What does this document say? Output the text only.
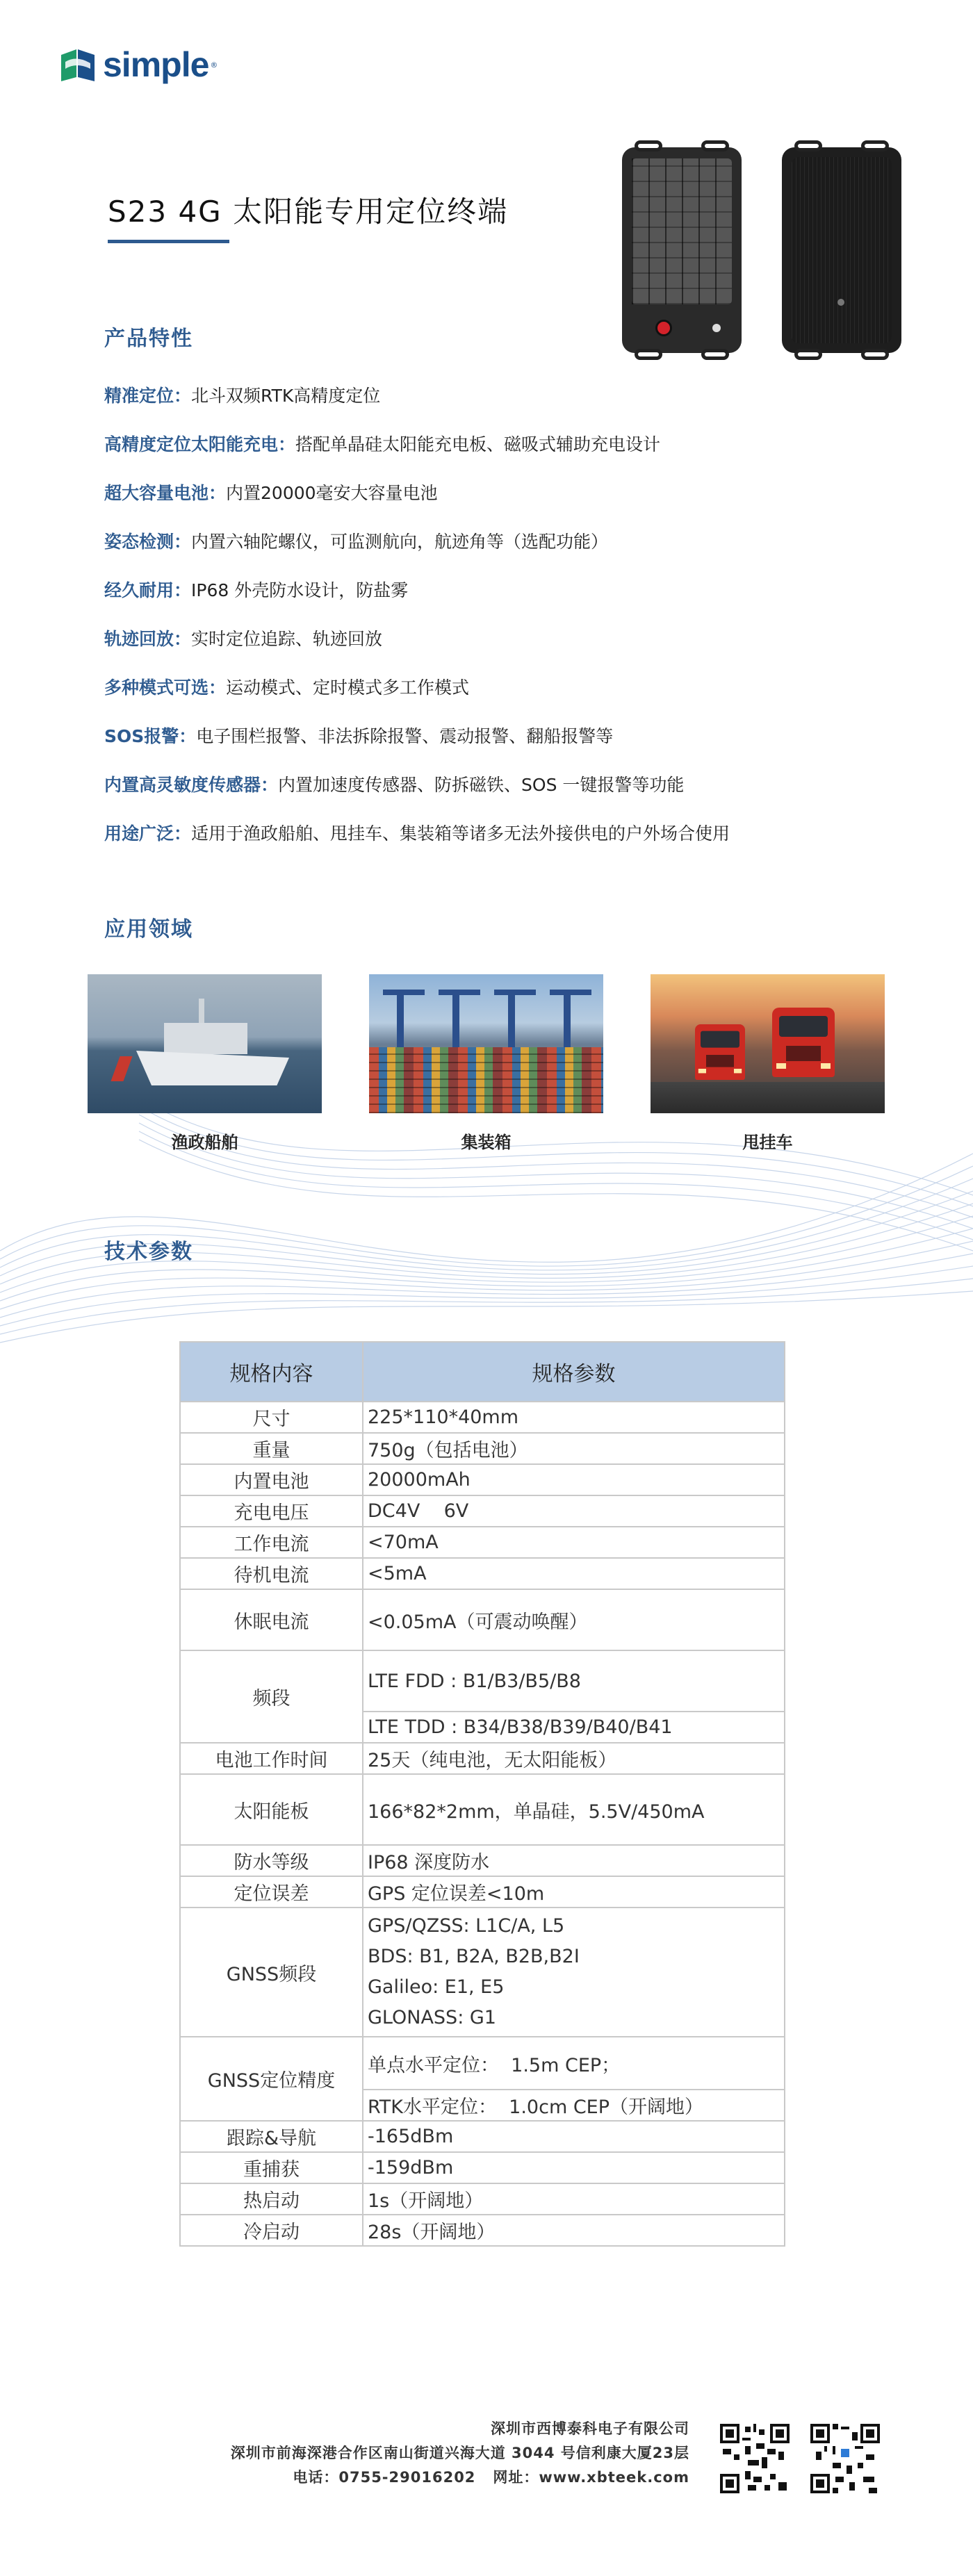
simple ®
S23 4G 太阳能专用定位终端
产品特性
精准定位：北斗双频RTK高精度定位
高精度定位太阳能充电：搭配单晶硅太阳能充电板、磁吸式辅助充电设计
超大容量电池：内置20000毫安大容量电池
姿态检测：内置六轴陀螺仪，可监测航向，航迹角等（选配功能）
经久耐用：IP68 外壳防水设计，防盐雾
轨迹回放：实时定位追踪、轨迹回放
多种模式可选：运动模式、定时模式多工作模式
SOS报警：电子围栏报警、非法拆除报警、震动报警、翻船报警等
内置高灵敏度传感器：内置加速度传感器、防拆磁铁、SOS 一键报警等功能
用途广泛：适用于渔政船舶、甩挂车、集装箱等诸多无法外接供电的户外场合使用
应用领域
渔政船舶	集装箱	甩挂车
技术参数
规格内容	规格参数
尺寸	225*110*40mm
重量	750g（包括电池）
内置电池	20000mAh
充电电压	DC4V    6V
工作电流	<70mA
待机电流	<5mA
休眠电流	<0.05mA（可震动唤醒）
频段	LTE FDD : B1/B3/B5/B8
	LTE TDD : B34/B38/B39/B40/B41
电池工作时间	25天（纯电池，无太阳能板）
太阳能板	166*82*2mm，单晶硅，5.5V/450mA
防水等级	IP68 深度防水
定位误差	GPS 定位误差<10m
GNSS频段	GPS/QZSS: L1C/A, L5
BDS: B1, B2A, B2B,B2I
Galileo: E1, E5
GLONASS: G1

GNSS定位精度	单点水平定位：  1.5m CEP；
	RTK水平定位：  1.0cm CEP（开阔地）
跟踪&导航	-165dBm
重捕获	-159dBm
热启动	1s（开阔地）
冷启动	28s（开阔地）
深圳市西博泰科电子有限公司
深圳市前海深港合作区南山街道兴海大道 3044 号信利康大厦23层
电话：0755-29016202   网址：www.xbteek.com
